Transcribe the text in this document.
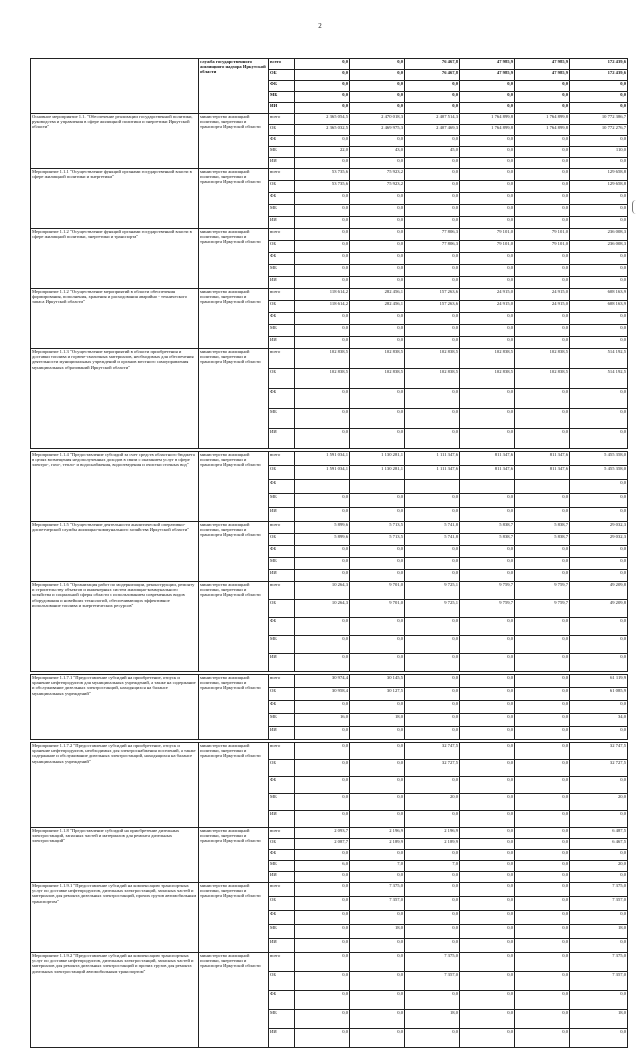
2
	служба государственного жилищного надзора Иркутской области	всего	0,0	0,0	76 467,8	47 985,9	47 985,9	172 439,6
		ОБ	0,0	0,0	76 467,8	47 985,9	47 985,9	172 439,6
		ФБ	0,0	0,0	0,0	0,0	0,0	0,0
		МБ	0,0	0,0	0,0	0,0	0,0	0,0
		ИИ	0,0	0,0	0,0	0,0	0,0	0,0
Основное мероприятие 1.1. "Обеспечение реализации государственной политики, руководства и управления в сфере жилищной политики и энергетики Иркутской области"	министерство жилищной политики, энергетики и транспорта Иркутской области	всего	2 365 054,5	2 470 018,3	2 407 514,3	1 764 899,8	1 764 899,8	10 772 386,7
		ОБ	2 365 032,5	2 469 975,3	2 407 469,3	1 764 899,8	1 764 899,8	10 772 276,7
		ФБ	0,0	0,0	0,0	0,0	0,0	0,0
		МБ	22,0	43,0	45,0	0,0	0,0	110,0
		ИИ	0,0	0,0	0,0	0,0	0,0	0,0
Мероприятие 1.1.1 "Осуществление функций органами государственной власти в сфере жилищной политики и энергетики"	министерство жилищной политики, энергетики и транспорта Иркутской области	всего	53 735,6	75 923,2	0,0	0,0	0,0	129 658,8
		ОБ	53 735,6	75 923,2	0,0	0,0	0,0	129 658,8
		ФБ	0,0	0,0	0,0	0,0	0,0	0,0
		МБ	0,0	0,0	0,0	0,0	0,0	0,0
		ИИ	0,0	0,0	0,0	0,0	0,0	0,0
Мероприятие 1.1.2 "Осуществление функций органами государственной власти в сфере жилищной политики, энергетики и транспорта"	министерство жилищной политики, энергетики и транспорта Иркутской области	всего	0,0	0,0	77 806,3	79 101,0	79 101,0	236 008,3
		ОБ	0,0	0,0	77 806,3	79 101,0	79 101,0	236 008,3
		ФБ	0,0	0,0	0,0	0,0	0,0	0,0
		МБ	0,0	0,0	0,0	0,0	0,0	0,0
		ИИ	0,0	0,0	0,0	0,0	0,0	0,0
Мероприятие 1.1.2 "Осуществление мероприятий в области обеспечения формирования, пополнения, хранения и расходования аварийно - технического запаса Иркутской области"	министерство жилищной политики, энергетики и транспорта Иркутской области	всего	118 614,2	282 456,1	157 263,6	24 915,0	24 915,0	608 163,9
		ОБ	118 614,2	282 456,1	157 263,6	24 915,0	24 915,0	608 163,9
		ФБ	0,0	0,0	0,0	0,0	0,0	0,0
		МБ	0,0	0,0	0,0	0,0	0,0	0,0
		ИИ	0,0	0,0	0,0	0,0	0,0	0,0
Мероприятие 1.1.3 "Осуществление мероприятий в области приобретения и доставки топлива и горюче-смазочных материалов, необходимых для обеспечения деятельности муниципальных учреждений и органов местного самоуправления муниципальных образований Иркутской области"	министерство жилищной политики, энергетики и транспорта Иркутской области	всего	102 838,5	102 838,5	102 838,5	102 838,5	102 838,5	514 192,5
		ОБ	102 838,5	102 838,5	102 838,5	102 838,5	102 838,5	514 192,5
		ФБ	0,0	0,0	0,0	0,0	0,0	0,0
		МБ	0,0	0,0	0,0	0,0	0,0	0,0
		ИИ	0,0	0,0	0,0	0,0	0,0	0,0

Мероприятие 1.1.4 "Предоставление субсидий за счет средств областного бюджета в целях возмещения недополученных доходов в связи с оказанием услуг в сфере электро-, газо-, тепло- и водоснабжения, водоотведения и очистки сточных вод"	министерство жилищной политики, энергетики и транспорта Иркутской области	всего	1 591 034,1	1 130 281,1	1 111 347,6	811 347,6	811 347,6	5 455 358,0
		ОБ	1 591 034,1	1 130 281,1	1 111 347,6	811 347,6	811 347,6	5 455 358,0
		ФБ						0,0
		МБ	0,0	0,0	0,0	0,0	0,0	0,0
		ИИ	0,0	0,0	0,0	0,0	0,0	0,0
Мероприятие 1.1.5 "Осуществление деятельности аналитической оперативно-диспетчерской службы жилищно-коммунального хозяйства Иркутской области"	министерство жилищной политики, энергетики и транспорта Иркутской области	всего	5 899,6	5 713,5	5 741,8	5 838,7	5 838,7	29 032,3
		ОБ	5 899,6	5 713,5	5 741,8	5 838,7	5 838,7	29 032,3
		ФБ	0,0	0,0	0,0	0,0	0,0	0,0
		МБ	0,0	0,0	0,0	0,0	0,0	0,0
		ИИ	0,0	0,0	0,0	0,0	0,0	0,0
Мероприятие 1.1.6 "Организация работ по модернизации, реконструкции, ремонту и строительству объектов и инженерных систем жилищно-коммунального хозяйства и социальной сферы области с использованием современных видов оборудования и новейших технологий, обеспечивающих эффективное использование топлива и энергетических ресурсов"	министерство жилищной политики, энергетики и транспорта Иркутской области	всего	10 264,3	9 701,0	9 725,1	9 759,7	9 759,7	49 209,8
		ОБ	10 264,3	9 701,0	9 725,1	9 759,7	9 759,7	49 209,8
		ФБ	0,0	0,0	0,0	0,0	0,0	0,0
		МБ	0,0	0,0	0,0	0,0	0,0	0,0
		ИИ	0,0	0,0	0,0	0,0	0,0	0,0

Мероприятие 1.1.7.1 "Предоставление субсидий на приобретение, отпуск и хранение нефтепродуктов для муниципальных учреждений, а также на содержание и обслуживание дизельных электростанций, находящихся на балансе муниципальных учреждений"	министерство жилищной политики, энергетики и транспорта Иркутской области	всего	30 974,4	30 145,5	0,0	0,0	0,0	61 119,9
		ОБ	30 958,4	30 127,5	0,0	0,0	0,0	61 085,9
		ФБ	0,0	0,0	0,0	0,0	0,0	0,0
		МБ	16,0	18,0	0,0	0,0	0,0	34,0
		ИИ	0,0	0,0	0,0	0,0	0,0	0,0

Мероприятие 1.1.7.2 "Предоставление субсидий на приобретение, отпуск и хранение нефтепродуктов, необходимых для электроснабжения поселений, а также содержание и обслуживание дизельных электростанций, находящихся на балансе муниципальных учреждений"	министерство жилищной политики, энергетики и транспорта Иркутской области	всего	0,0	0,0	32 747,5	0,0	0,0	32 747,5
		ОБ	0,0	0,0	32 727,5	0,0	0,0	32 727,5
		ФБ	0,0	0,0	0,0	0,0	0,0	0,0
		МБ	0,0	0,0	20,0	0,0	0,0	20,0
		ИИ	0,0	0,0	0,0	0,0	0,0	0,0
Мероприятие 1.1.8 "Предоставление субсидий на приобретение дизельных электростанций, запасных частей и материалов для ремонта дизельных электростанций"	министерство жилищной политики, энергетики и транспорта Иркутской области	всего	2 093,7	2 196,9	2 196,9	0,0	0,0	6 487,5
		ОБ	2 087,7	2 189,9	2 189,9	0,0	0,0	6 467,5
		ФБ	0,0	0,0	0,0	0,0	0,0	0,0
		МБ	6,0	7,0	7,0	0,0	0,0	20,0
		ИИ	0,0	0,0	0,0	0,0	0,0	0,0
Мероприятие 1.1.9.1 "Предоставление субсидий на компенсацию транспортных услуг по доставке нефтепродуктов, дизельных электростанций, запасных частей и материалов для ремонта дизельных электростанций, прочих грузов автомобильным транспортом"	министерство жилищной политики, энергетики и транспорта Иркутской области	всего	0,0	7 375,0	0,0	0,0	0,0	7 375,0
		ОБ	0,0	7 357,0	0,0	0,0	0,0	7 357,0
		ФБ	0,0	0,0	0,0	0,0	0,0	0,0
		МБ	0,0	18,0	0,0	0,0	0,0	18,0
		ИИ	0,0	0,0	0,0	0,0	0,0	0,0
Мероприятие 1.1.9.2 "Предоставление субсидий на компенсацию транспортных услуг по доставке нефтепродуктов, дизельных электростанций, запасных частей и материалов для ремонта дизельных электростанций и прочих грузов для ремонта дизельных электростанций автомобильным транспортом"	министерство жилищной политики, энергетики и транспорта Иркутской области	всего	0,0	0,0	7 375,0	0,0	0,0	7 375,0
		ОБ	0,0	0,0	7 357,0	0,0	0,0	7 357,0
		ФБ	0,0	0,0	0,0	0,0	0,0	0,0
		МБ	0,0	0,0	18,0	0,0	0,0	18,0
		ИИ	0,0	0,0	0,0	0,0	0,0	0,0
